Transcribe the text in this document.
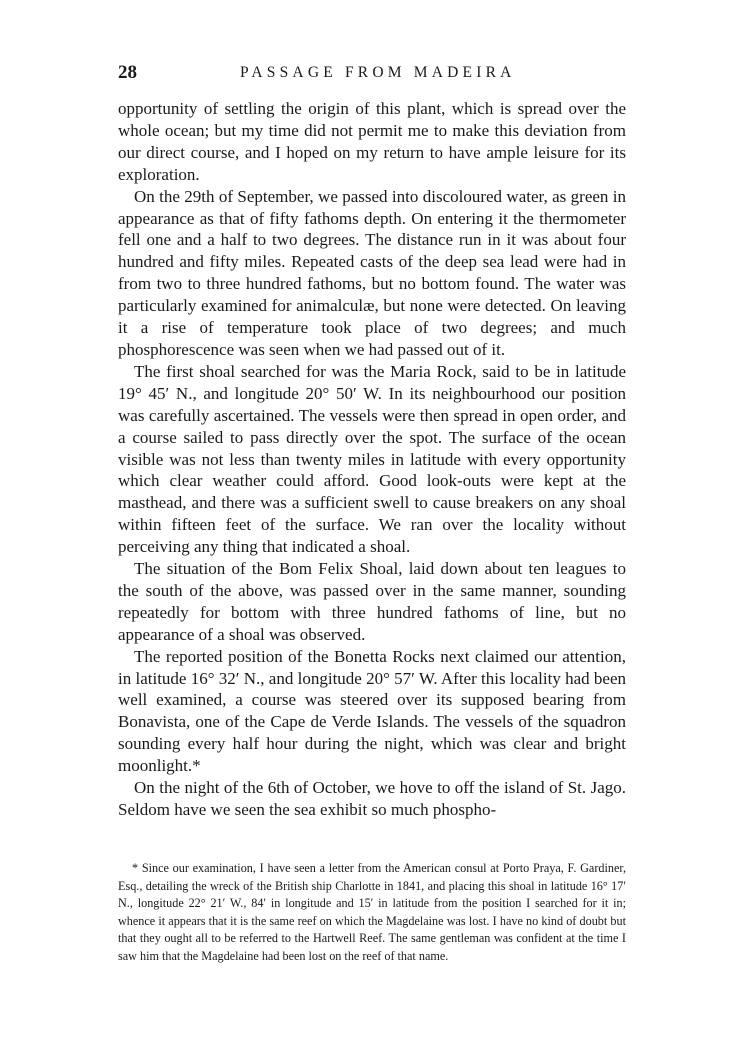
28	PASSAGE FROM MADEIRA

opportunity of settling the origin of this plant, which is spread over the whole ocean; but my time did not permit me to make this deviation from our direct course, and I hoped on my return to have ample leisure for its exploration.

On the 29th of September, we passed into discoloured water, as green in appearance as that of fifty fathoms depth. On entering it the thermometer fell one and a half to two degrees. The distance run in it was about four hundred and fifty miles. Repeated casts of the deep sea lead were had in from two to three hundred fathoms, but no bottom found. The water was particularly examined for animalculæ, but none were detected. On leaving it a rise of temperature took place of two degrees; and much phosphorescence was seen when we had passed out of it.

The first shoal searched for was the Maria Rock, said to be in latitude 19° 45′ N., and longitude 20° 50′ W. In its neighbourhood our position was carefully ascertained. The vessels were then spread in open order, and a course sailed to pass directly over the spot. The surface of the ocean visible was not less than twenty miles in latitude with every opportunity which clear weather could afford. Good look-outs were kept at the masthead, and there was a sufficient swell to cause breakers on any shoal within fifteen feet of the surface. We ran over the locality without perceiving any thing that indicated a shoal.

The situation of the Bom Felix Shoal, laid down about ten leagues to the south of the above, was passed over in the same manner, sounding repeatedly for bottom with three hundred fathoms of line, but no appearance of a shoal was observed.

The reported position of the Bonetta Rocks next claimed our attention, in latitude 16° 32′ N., and longitude 20° 57′ W. After this locality had been well examined, a course was steered over its supposed bearing from Bonavista, one of the Cape de Verde Islands. The vessels of the squadron sounding every half hour during the night, which was clear and bright moonlight.*

On the night of the 6th of October, we hove to off the island of St. Jago. Seldom have we seen the sea exhibit so much phospho-

* Since our examination, I have seen a letter from the American consul at Porto Praya, F. Gardiner, Esq., detailing the wreck of the British ship Charlotte in 1841, and placing this shoal in latitude 16° 17′ N., longitude 22° 21′ W., 84′ in longitude and 15′ in latitude from the position I searched for it in; whence it appears that it is the same reef on which the Magdelaine was lost. I have no kind of doubt but that they ought all to be referred to the Hartwell Reef. The same gentleman was confident at the time I saw him that the Magdelaine had been lost on the reef of that name.
